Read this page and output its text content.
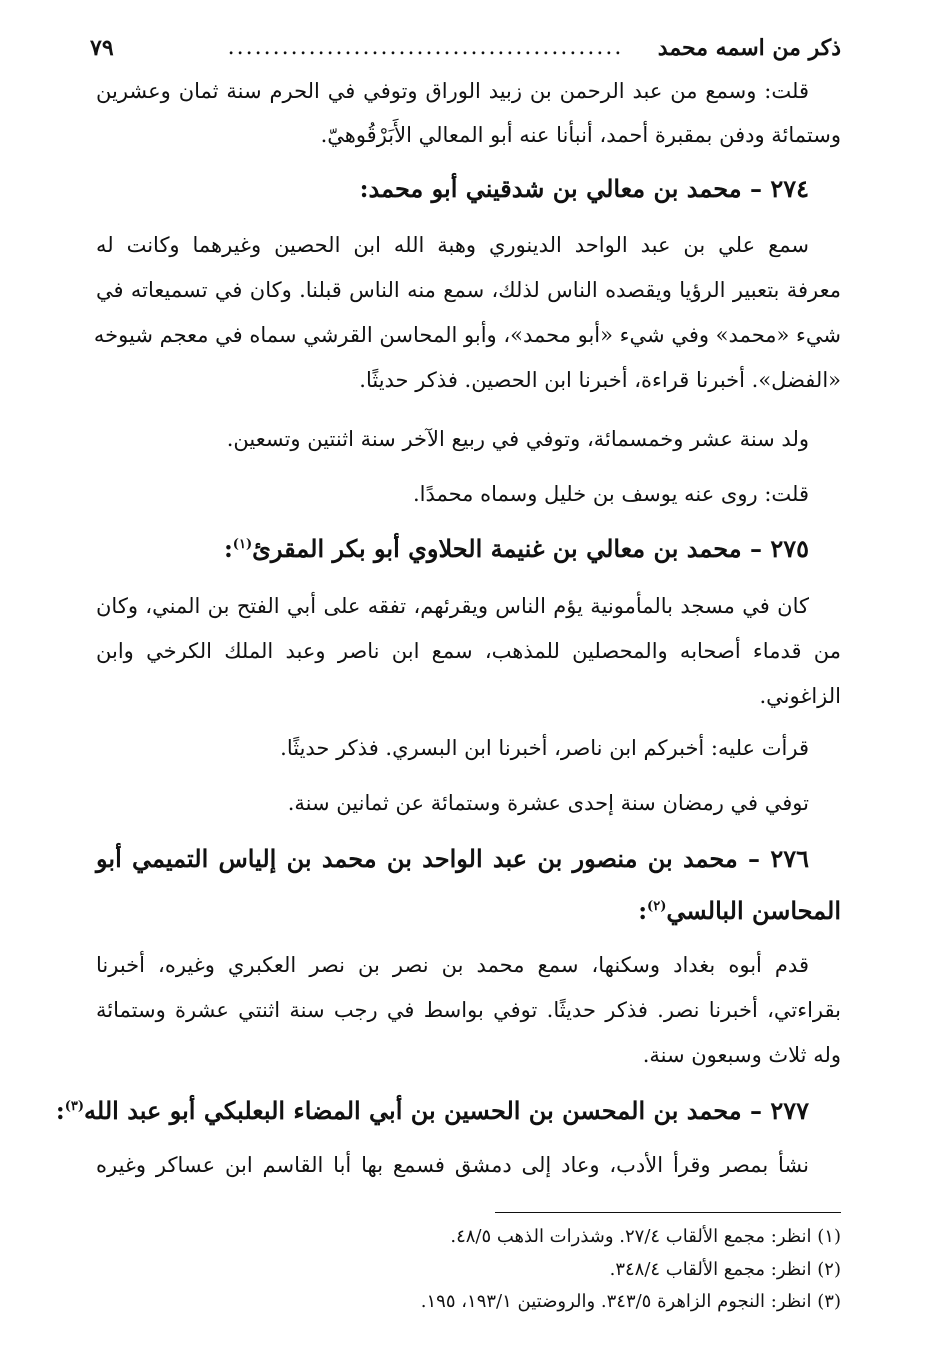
ذكر من اسمه محمد
............................................
٧٩
قلت: وسمع من عبد الرحمن بن زبيد الوراق وتوفي في الحرم سنة ثمان وعشرين
وستمائة ودفن بمقبرة أحمد، أنبأنا عنه أبو المعالي الأَبَرْقُوهيّ.
٢٧٤ – محمد بن معالي بن شدقيني أبو محمد:
سمع علي بن عبد الواحد الدينوري وهبة الله ابن الحصين وغيرهما وكانت له
معرفة بتعبير الرؤيا ويقصده الناس لذلك، سمع منه الناس قبلنا. وكان في تسميعاته في
شيء «محمد» وفي شيء «أبو محمد»، وأبو المحاسن القرشي سماه في معجم شيوخه
«الفضل». أخبرنا قراءة، أخبرنا ابن الحصين. فذكر حديثًا.
ولد سنة عشر وخمسمائة، وتوفي في ربيع الآخر سنة اثنتين وتسعين.
قلت: روى عنه يوسف بن خليل وسماه محمدًا.
٢٧٥ – محمد بن معالي بن غنيمة الحلاوي أبو بكر المقرئ$^{(١)}$:
كان في مسجد بالمأمونية يؤم الناس ويقرئهم، تفقه على أبي الفتح بن المني، وكان
من قدماء أصحابه والمحصلين للمذهب، سمع ابن ناصر وعبد الملك الكرخي وابن
الزاغوني.
قرأت عليه: أخبركم ابن ناصر، أخبرنا ابن البسري. فذكر حديثًا.
توفي في رمضان سنة إحدى عشرة وستمائة عن ثمانين سنة.
٢٧٦ – محمد بن منصور بن عبد الواحد بن محمد بن إلياس التميمي أبو
المحاسن البالسي$^{(٢)}$:
قدم أبوه بغداد وسكنها، سمع محمد بن نصر بن نصر العكبري وغيره، أخبرنا
بقراءتي، أخبرنا نصر. فذكر حديثًا. توفي بواسط في رجب سنة اثنتي عشرة وستمائة
وله ثلاث وسبعون سنة.
٢٧٧ – محمد بن المحسن بن الحسين بن أبي المضاء البعلبكي أبو عبد الله$^{(٣)}$:
نشأ بمصر وقرأ الأدب، وعاد إلى دمشق فسمع بها أبا القاسم ابن عساكر وغيره
(١) انظر: مجمع الألقاب ٢٧/٤. وشذرات الذهب ٤٨/٥.
(٢) انظر: مجمع الألقاب ٣٤٨/٤.
(٣) انظر: النجوم الزاهرة ٣٤٣/٥. والروضتين ١٩٣/١، ١٩٥.
